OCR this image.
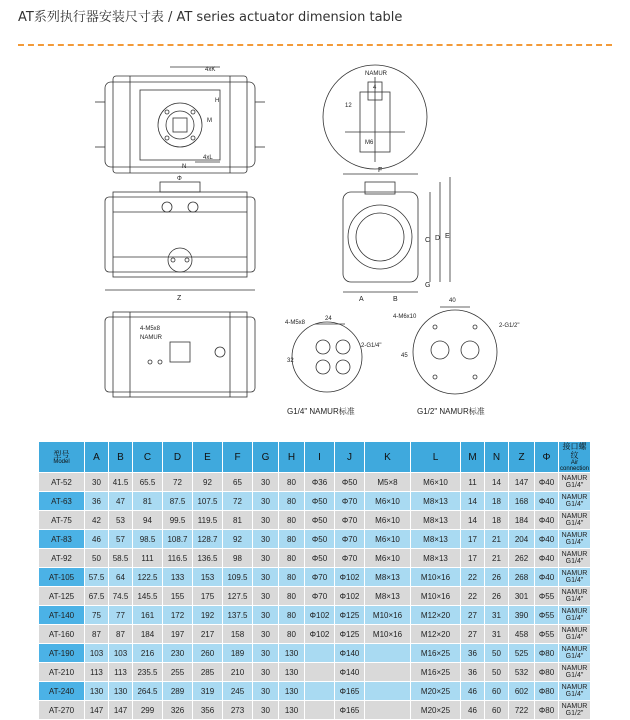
AT系列执行器安装尺寸表 / AT series actuator dimension table
4xK
4xL
H
M
N
NAMUR
4
12
M6
Φ
Z
F
A	B
C D E
G
4-M5x8
NAMUR
4-M5x8
24
32
2-G1/4"
4-M6x10
40
45
2-G1/2"
G1/4" NAMUR标准	G1/2" NAMUR标准
型号
Model	A	B	C	D	E	F	G	H	I	J	K	L	M	N	Z	Φ	接口螺纹
Air connection

AT-52	30	41.5	65.5	72	92	65	30	80	Φ36	Φ50	M5×8	M6×10	11	14	147	Φ40	NAMUR G1/4"
AT-63	36	47	81	87.5	107.5	72	30	80	Φ50	Φ70	M6×10	M8×13	14	18	168	Φ40	NAMUR G1/4"
AT-75	42	53	94	99.5	119.5	81	30	80	Φ50	Φ70	M6×10	M8×13	14	18	184	Φ40	NAMUR G1/4"
AT-83	46	57	98.5	108.7	128.7	92	30	80	Φ50	Φ70	M6×10	M8×13	17	21	204	Φ40	NAMUR G1/4"
AT-92	50	58.5	111	116.5	136.5	98	30	80	Φ50	Φ70	M6×10	M8×13	17	21	262	Φ40	NAMUR G1/4"
AT-105	57.5	64	122.5	133	153	109.5	30	80	Φ70	Φ102	M8×13	M10×16	22	26	268	Φ40	NAMUR G1/4"
AT-125	67.5	74.5	145.5	155	175	127.5	30	80	Φ70	Φ102	M8×13	M10×16	22	26	301	Φ55	NAMUR G1/4"
AT-140	75	77	161	172	192	137.5	30	80	Φ102	Φ125	M10×16	M12×20	27	31	390	Φ55	NAMUR G1/4"
AT-160	87	87	184	197	217	158	30	80	Φ102	Φ125	M10×16	M12×20	27	31	458	Φ55	NAMUR G1/4"
AT-190	103	103	216	230	260	189	30	130		Φ140		M16×25	36	50	525	Φ80	NAMUR G1/4"
AT-210	113	113	235.5	255	285	210	30	130		Φ140		M16×25	36	50	532	Φ80	NAMUR G1/4"
AT-240	130	130	264.5	289	319	245	30	130		Φ165		M20×25	46	60	602	Φ80	NAMUR G1/4"
AT-270	147	147	299	326	356	273	30	130		Φ165		M20×25	46	60	722	Φ80	NAMUR G1/2"
